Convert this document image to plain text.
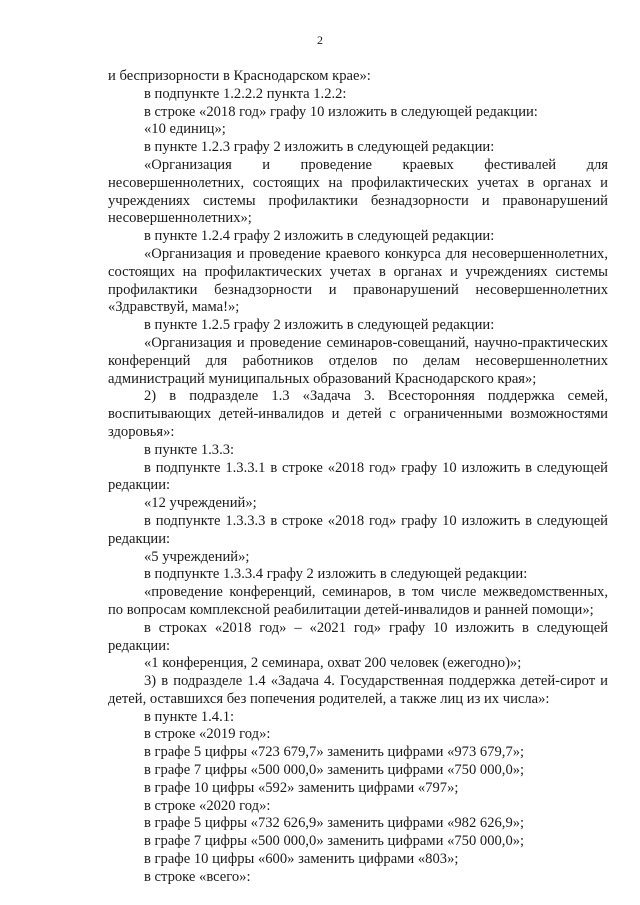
2

и беспризорности в Краснодарском крае»:

в подпункте 1.2.2.2 пункта 1.2.2:

в строке «2018 год» графу 10 изложить в следующей редакции:

«10 единиц»;

в пункте 1.2.3 графу 2 изложить в следующей редакции:

«Организация и проведение краевых фестивалей для несовершеннолетних, состоящих на профилактических учетах в органах и учреждениях системы профилактики безнадзорности и правонарушений несовершеннолетних»;

в пункте 1.2.4 графу 2 изложить в следующей редакции:

«Организация и проведение краевого конкурса для несовершеннолетних, состоящих на профилактических учетах в органах и учреждениях системы профилактики безнадзорности и правонарушений несовершеннолетних «Здравствуй, мама!»;

в пункте 1.2.5 графу 2 изложить в следующей редакции:

«Организация и проведение семинаров-совещаний, научно-практических конференций для работников отделов по делам несовершеннолетних администраций муниципальных образований Краснодарского края»;

2) в подразделе 1.3 «Задача 3. Всесторонняя поддержка семей, воспитывающих детей-инвалидов и детей с ограниченными возможностями здоровья»:

в пункте 1.3.3:

в подпункте 1.3.3.1 в строке «2018 год» графу 10 изложить в следующей редакции:

«12 учреждений»;

в подпункте 1.3.3.3 в строке «2018 год» графу 10 изложить в следующей редакции:

«5 учреждений»;

в подпункте 1.3.3.4 графу 2 изложить в следующей редакции:

«проведение конференций, семинаров, в том числе межведомственных, по вопросам комплексной реабилитации детей-инвалидов и ранней помощи»;

в строках «2018 год» – «2021 год» графу 10 изложить в следующей редакции:

«1 конференция, 2 семинара, охват 200 человек (ежегодно)»;

3) в подразделе 1.4 «Задача 4. Государственная поддержка детей-сирот и детей, оставшихся без попечения родителей, а также лиц из их числа»:

в пункте 1.4.1:

в строке «2019 год»:

в графе 5 цифры «723 679,7» заменить цифрами «973 679,7»;

в графе 7 цифры «500 000,0» заменить цифрами «750 000,0»;

в графе 10 цифры «592» заменить цифрами «797»;

в строке «2020 год»:

в графе 5 цифры «732 626,9» заменить цифрами «982 626,9»;

в графе 7 цифры «500 000,0» заменить цифрами «750 000,0»;

в графе 10 цифры «600» заменить цифрами «803»;

в строке «всего»:
